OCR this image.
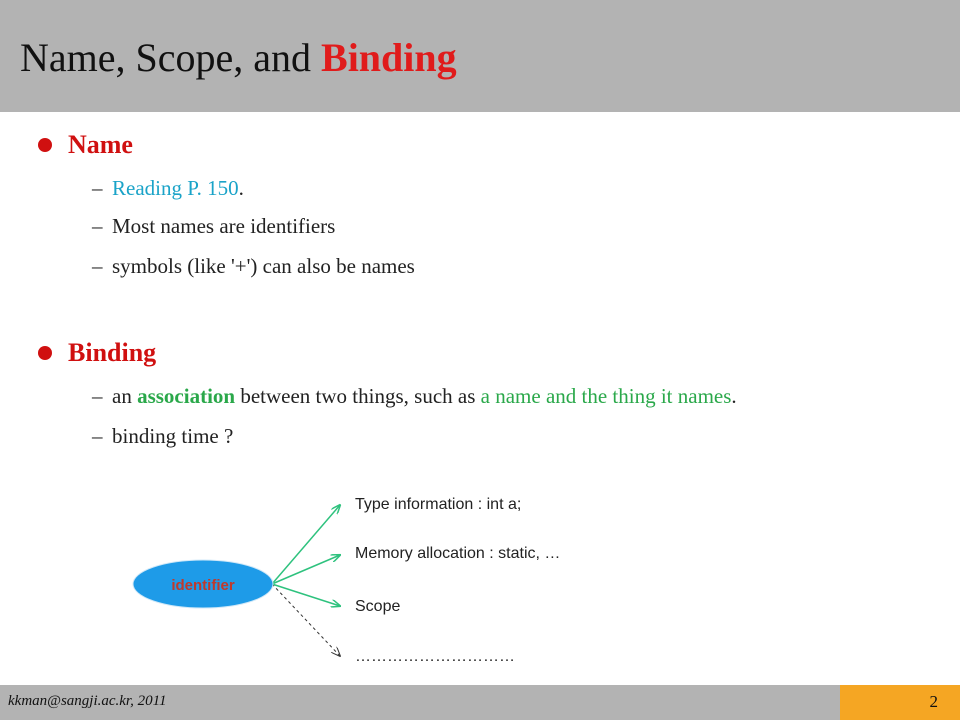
Name, Scope, and Binding
Name
– Reading P. 150.
– Most names are identifiers
– symbols (like '+') can also be names
Binding
– an association between two things, such as a name and the thing it names.
– binding time ?
identifier
Type information : int a;
Memory allocation : static, …
Scope
…………………………
kkman@sangji.ac.kr, 2011	2
